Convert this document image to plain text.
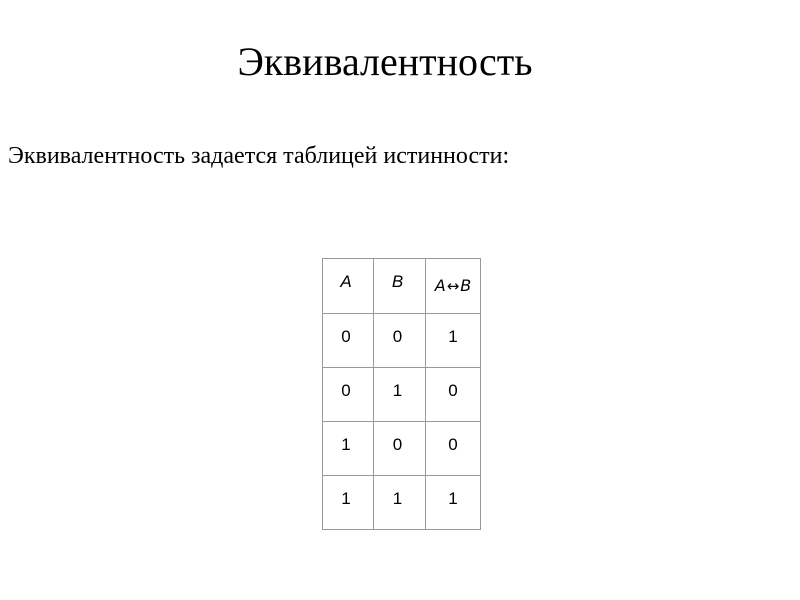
Эквивалентность

Эквивалентность задается таблицей истинности:

A	B	A↔B

0	0	1

0	1	0

1	0	0

1	1	1
